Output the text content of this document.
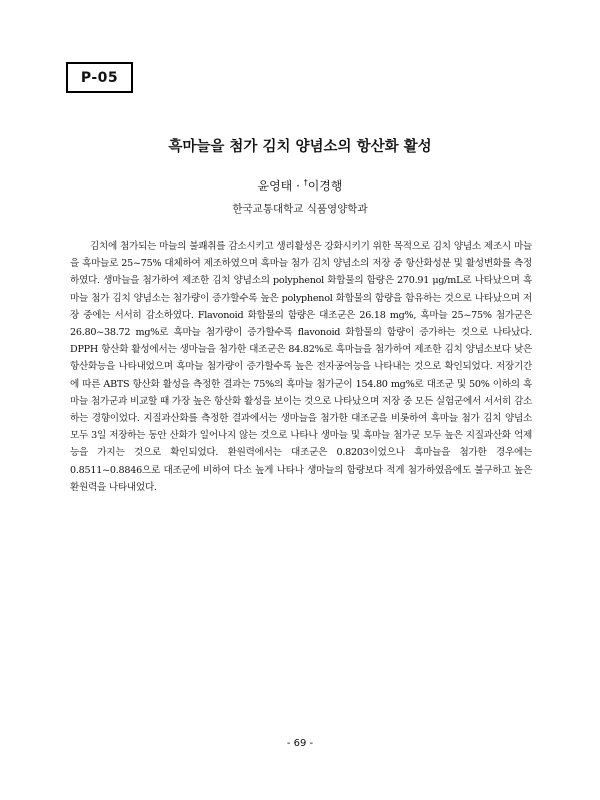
P-05
흑마늘을 첨가 김치 양념소의 항산화 활성
윤영태 · †이경행
한국교통대학교 식품영양학과

김치에 첨가되는 마늘의 불쾌취를 감소시키고 생리활성은 강화시키기 위한 목적으로 김치 양념소 제조시 마늘을 흑마늘로 25~75% 대체하여 제조하였으며 흑마늘 첨가 김치 양념소의 저장 중 항산화성분 및 활성변화를 측정하였다. 생마늘을 첨가하여 제조한 김치 양념소의 polyphenol 화합물의 함량은 270.91 μg/mL로 나타났으며 흑마늘 첨가 김치 양념소는 첨가량이 증가할수록 높은 polyphenol 화합물의 함량을 함유하는 것으로 나타났으며 저장 중에는 서서히 감소하였다. Flavonoid 화합물의 함량은 대조군은 26.18 mg%, 흑마늘 25~75% 첨가군은 26.80~38.72 mg%로 흑마늘 첨가량이 증가할수록 flavonoid 화합물의 함량이 증가하는 것으로 나타났다. DPPH 항산화 활성에서는 생마늘을 첨가한 대조군은 84.82%로 흑마늘을 첨가하여 제조한 김치 양념소보다 낮은 항산화능을 나타내었으며 흑마늘 첨가량이 증가할수록 높은 전자공여능을 나타내는 것으로 확인되었다. 저장기간에 따른 ABTS 항산화 활성을 측정한 결과는 75%의 흑마늘 첨가군이 154.80 mg%로 대조군 및 50% 이하의 흑마늘 첨가군과 비교할 때 가장 높은 항산화 활성을 보이는 것으로 나타났으며 저장 중 모든 실험군에서 서서히 감소하는 경향이었다. 지질과산화를 측정한 결과에서는 생마늘을 첨가한 대조군을 비롯하여 흑마늘 첨가 김치 양념소 모두 3일 저장하는 동안 산화가 일어나지 않는 것으로 나타나 생마늘 및 흑마늘 첨가군 모두 높은 지질과산화 억제능을 가지는 것으로 확인되었다. 환원력에서는 대조군은 0.8203이었으나 흑마늘을 첨가한 경우에는 0.8511~0.8846으로 대조군에 비하여 다소 높게 나타나 생마늘의 함량보다 적게 첨가하였음에도 불구하고 높은 환원력을 나타내었다.

- 69 -
